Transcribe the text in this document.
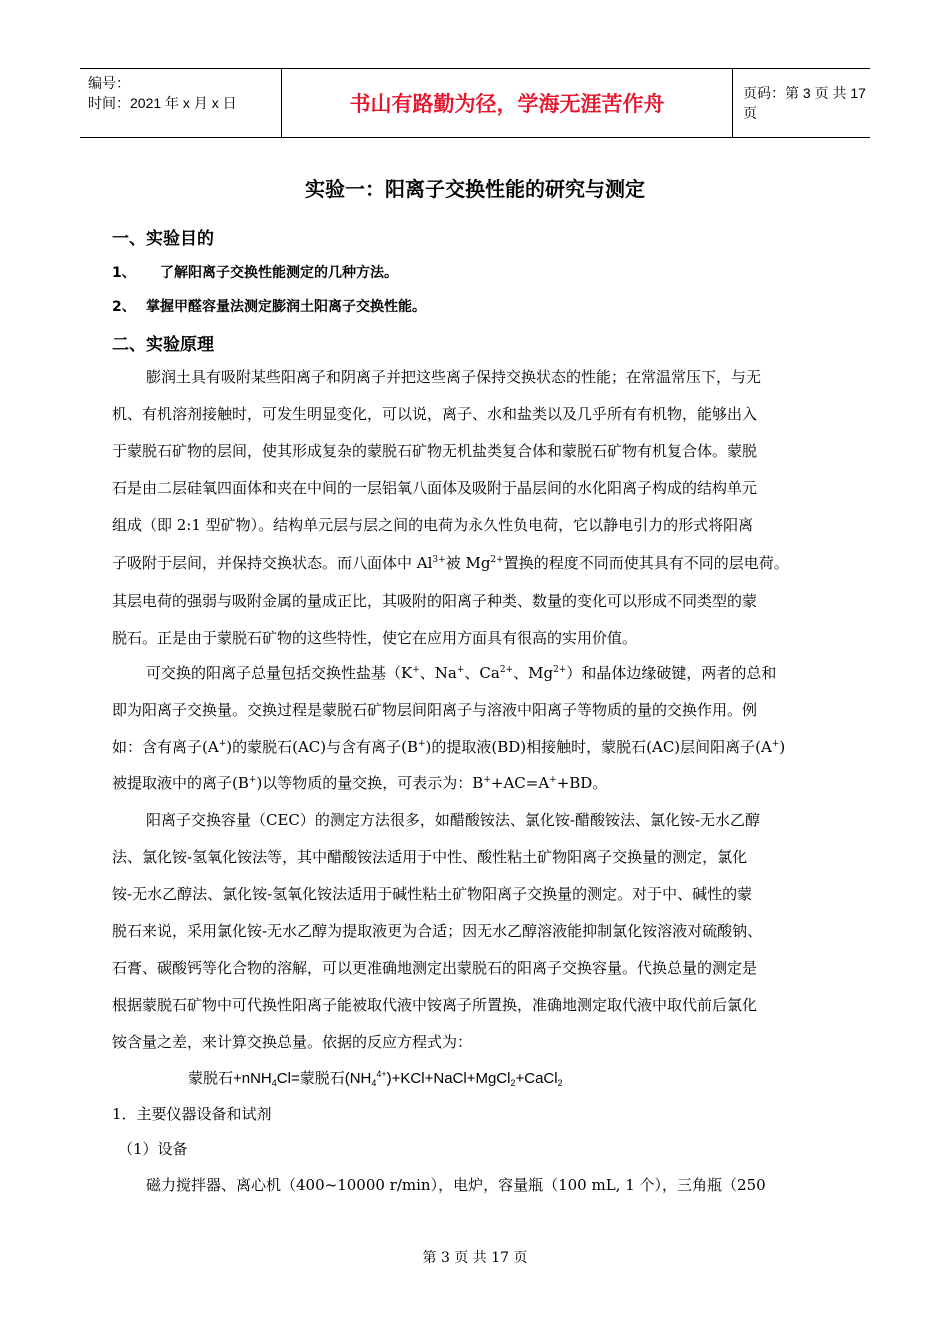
编号：
时间：2021 年 x 月 x 日	书山有路勤为径，学海无涯苦作舟	页码：第 3 页 共 17 页
实验一：阳离子交换性能的研究与测定
一、实验目的
1、 了解阳离子交换性能测定的几种方法。
2、 掌握甲醛容量法测定膨润土阳离子交换性能。
二、实验原理
膨润土具有吸附某些阳离子和阴离子并把这些离子保持交换状态的性能；在常温常压下，与无
机、有机溶剂接触时，可发生明显变化，可以说，离子、水和盐类以及几乎所有有机物，能够出入
于蒙脱石矿物的层间，使其形成复杂的蒙脱石矿物无机盐类复合体和蒙脱石矿物有机复合体。蒙脱
石是由二层硅氧四面体和夹在中间的一层铝氧八面体及吸附于晶层间的水化阳离子构成的结构单元
组成（即 2:1 型矿物）。结构单元层与层之间的电荷为永久性负电荷，它以静电引力的形式将阳离
子吸附于层间，并保持交换状态。而八面体中 $Al^{3+}$被 $Mg^{2+}$置换的程度不同而使其具有不同的层电荷。
其层电荷的强弱与吸附金属的量成正比，其吸附的阳离子种类、数量的变化可以形成不同类型的蒙
脱石。正是由于蒙脱石矿物的这些特性，使它在应用方面具有很高的实用价值。
可交换的阳离子总量包括交换性盐基（K+、Na+、$Ca^{2+}$、$Mg^{2+}$）和晶体边缘破键，两者的总和
即为阳离子交换量。交换过程是蒙脱石矿物层间阳离子与溶液中阳离子等物质的量的交换作用。例
如：含有离子(A+)的蒙脱石(AC)与含有离子(B+)的提取液(BD)相接触时，蒙脱石(AC)层间阳离子(A+)
被提取液中的离子(B+)以等物质的量交换，可表示为：B++AC=A++BD。
阳离子交换容量（CEC）的测定方法很多，如醋酸铵法、氯化铵-醋酸铵法、氯化铵-无水乙醇
法、氯化铵-氢氧化铵法等，其中醋酸铵法适用于中性、酸性粘土矿物阳离子交换量的测定，氯化
铵-无水乙醇法、氯化铵-氢氧化铵法适用于碱性粘土矿物阳离子交换量的测定。对于中、碱性的蒙
脱石来说，采用氯化铵-无水乙醇为提取液更为合适；因无水乙醇溶液能抑制氯化铵溶液对硫酸钠、
石膏、碳酸钙等化合物的溶解，可以更准确地测定出蒙脱石的阳离子交换容量。代换总量的测定是
根据蒙脱石矿物中可代换性阳离子能被取代液中铵离子所置换，准确地测定取代液中取代前后氯化
铵含量之差，来计算交换总量。依据的反应方程式为：
蒙脱石+nNH$_4$Cl=蒙脱石$(NH_4^{4+})+KCl+NaCl+MgCl_2+CaCl_2$
1．主要仪器设备和试剂
（1）设备
磁力搅拌器、离心机（400~10000 r/min），电炉，容量瓶（100 mL, 1 个），三角瓶（250
第 3 页 共 17 页
